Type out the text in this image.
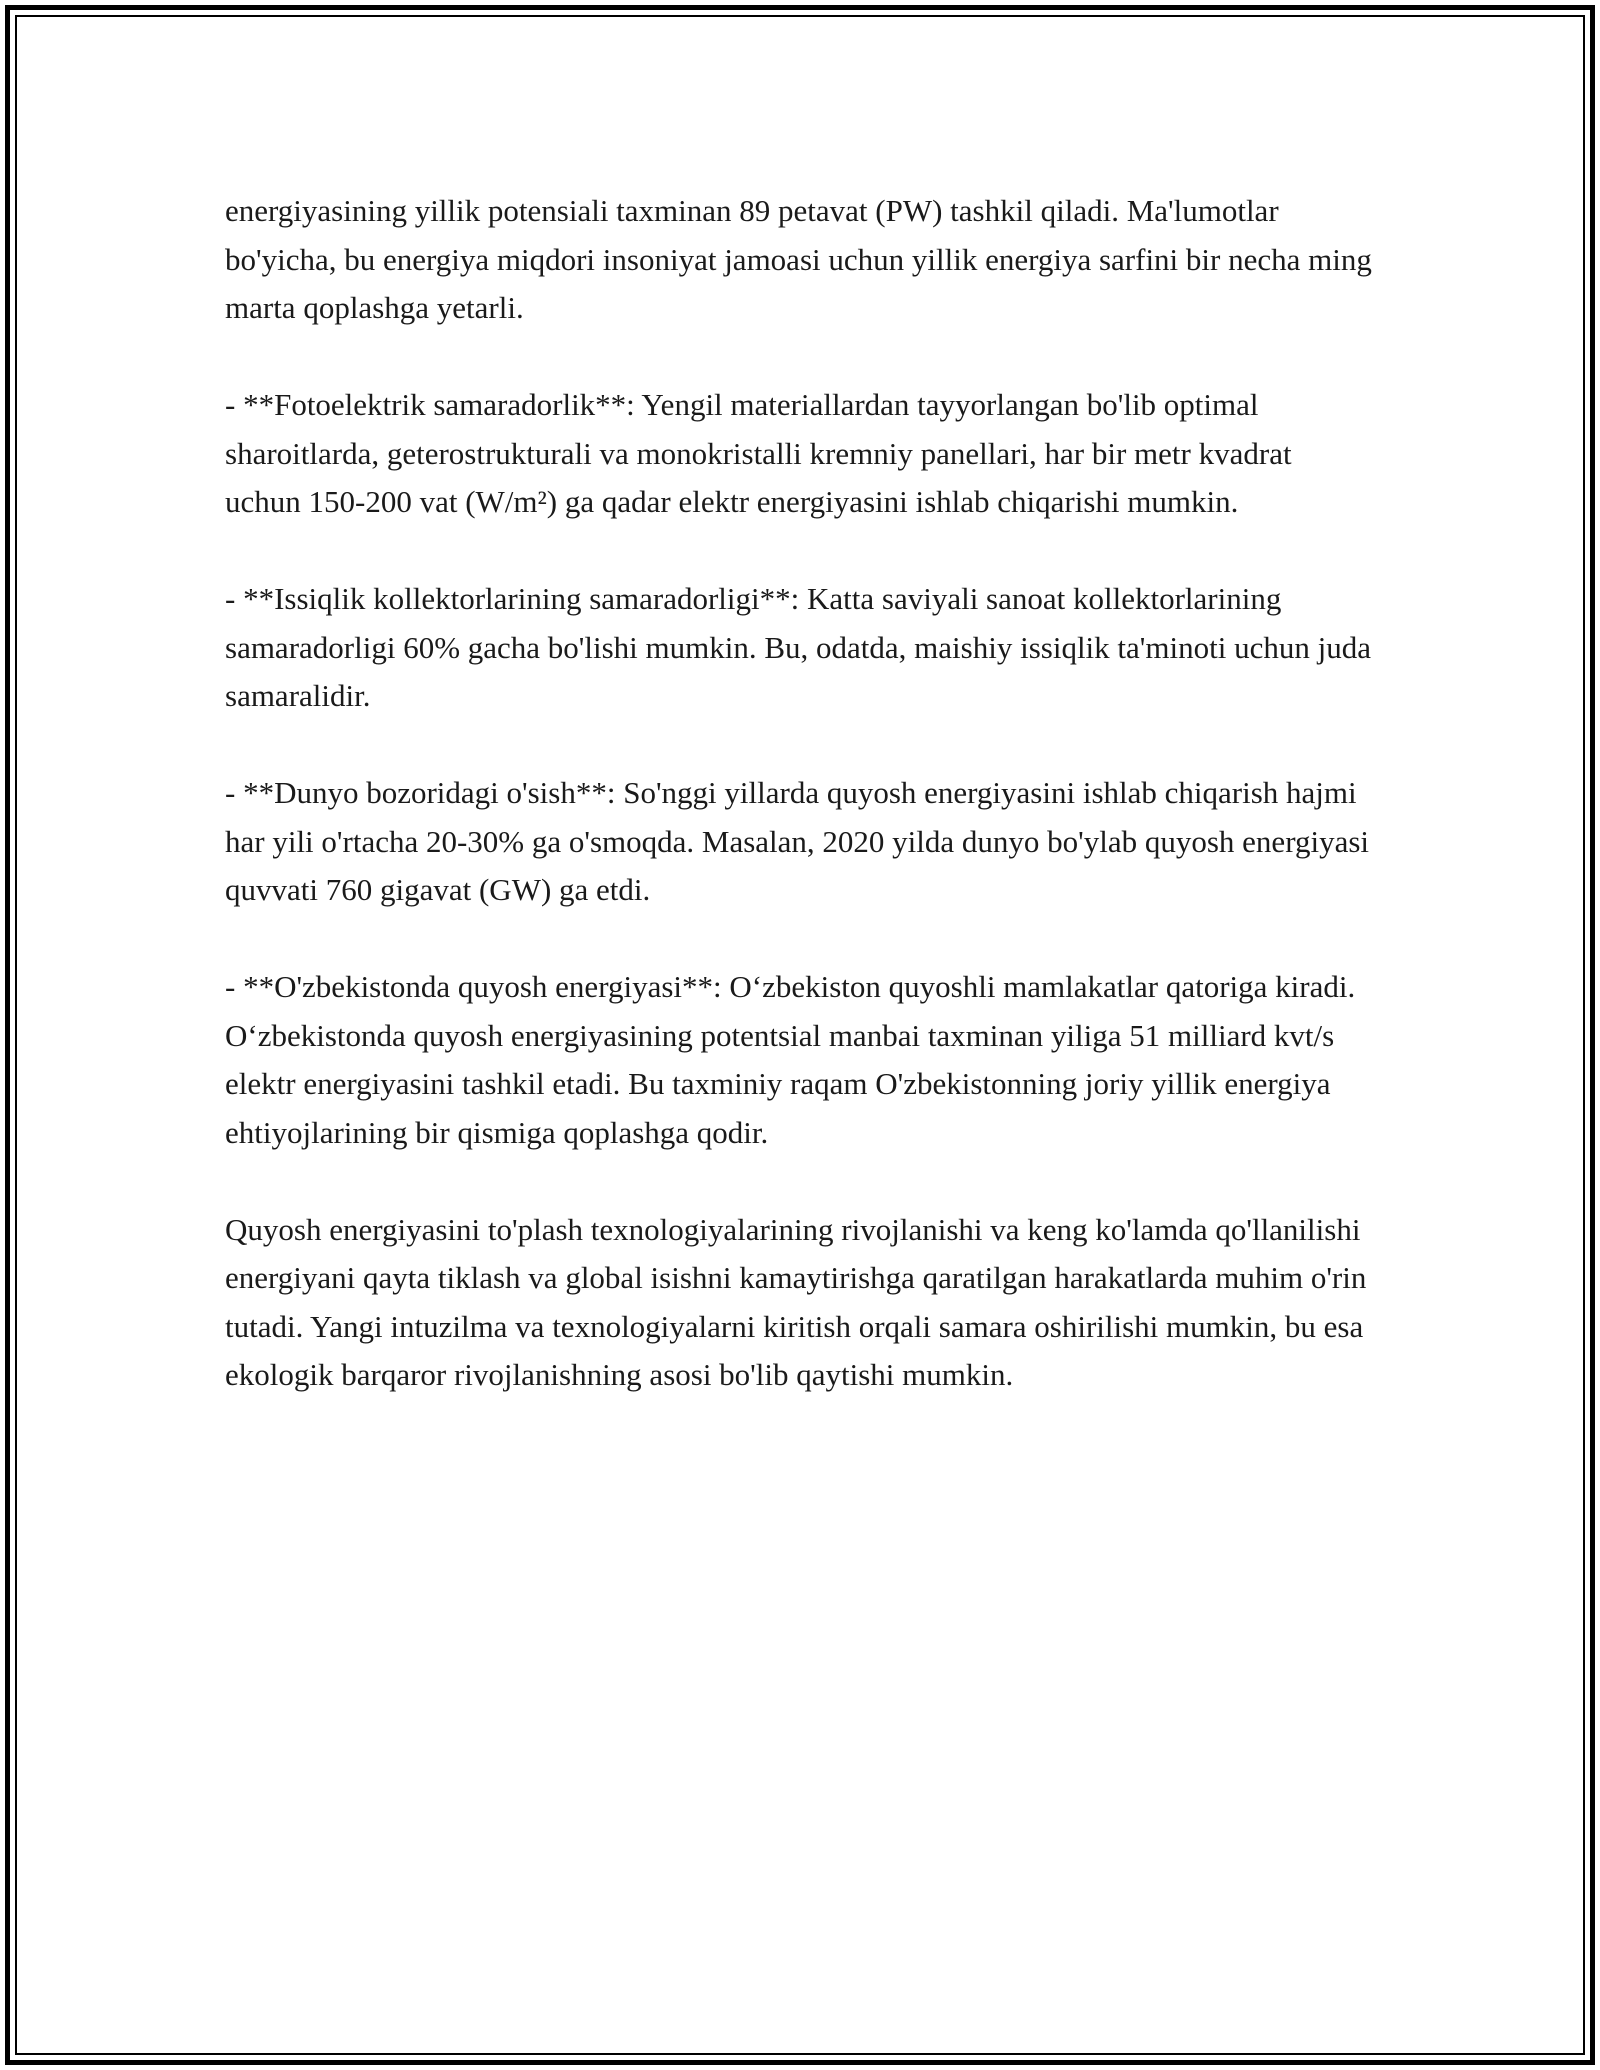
energiyasining yillik potensiali taxminan 89 petavat (PW) tashkil qiladi. Ma'lumotlar bo'yicha, bu energiya miqdori insoniyat jamoasi uchun yillik energiya sarfini bir necha ming marta qoplashga yetarli.

- **Fotoelektrik samaradorlik**: Yengil materiallardan tayyorlangan bo'lib optimal sharoitlarda, geterostrukturali va monokristalli kremniy panellari, har bir metr kvadrat uchun 150-200 vat (W/m²) ga qadar elektr energiyasini ishlab chiqarishi mumkin.

- **Issiqlik kollektorlarining samaradorligi**: Katta saviyali sanoat kollektorlarining samaradorligi 60% gacha bo'lishi mumkin. Bu, odatda, maishiy issiqlik ta'minoti uchun juda samaralidir.

- **Dunyo bozoridagi o'sish**: So'nggi yillarda quyosh energiyasini ishlab chiqarish hajmi har yili o'rtacha 20-30% ga o'smoqda. Masalan, 2020 yilda dunyo bo'ylab quyosh energiyasi quvvati 760 gigavat (GW) ga etdi.

- **O'zbekistonda quyosh energiyasi**: O‘zbekiston quyoshli mamlakatlar qatoriga kiradi. O‘zbekistonda quyosh energiyasining potentsial manbai taxminan yiliga 51 milliard kvt/s elektr energiyasini tashkil etadi. Bu taxminiy raqam O'zbekistonning joriy yillik energiya ehtiyojlarining bir qismiga qoplashga qodir.

Quyosh energiyasini to'plash texnologiyalarining rivojlanishi va keng ko'lamda qo'llanilishi energiyani qayta tiklash va global isishni kamaytirishga qaratilgan harakatlarda muhim o'rin tutadi. Yangi intuzilma va texnologiyalarni kiritish orqali samara oshirilishi mumkin, bu esa ekologik barqaror rivojlanishning asosi bo'lib qaytishi mumkin.
